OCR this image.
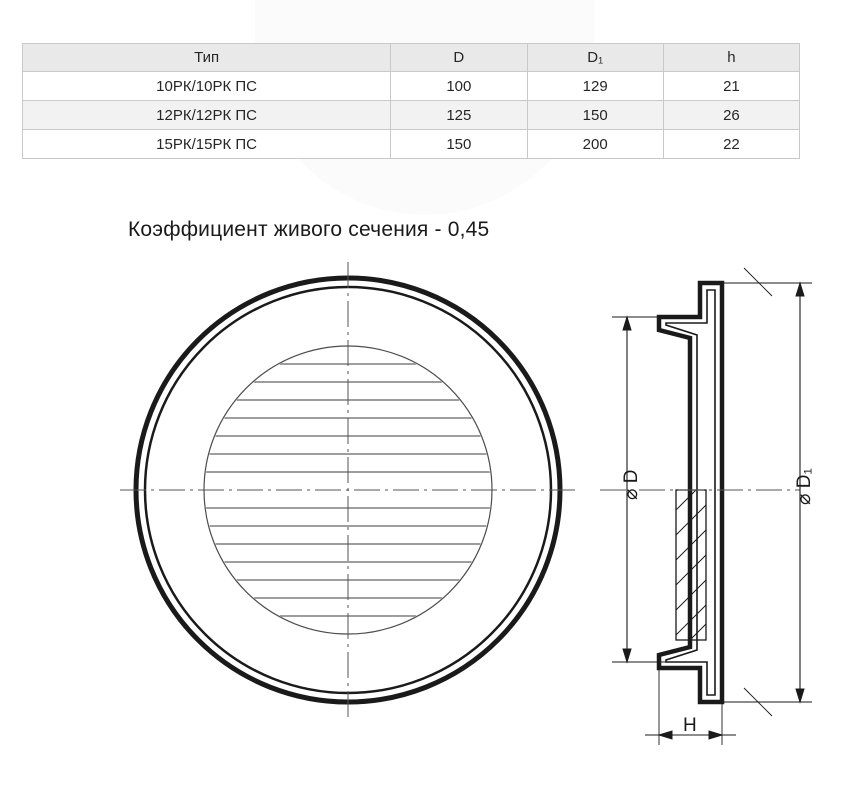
Тип	D	D₁	h
10РК/10РК ПС	100	129	21
12РК/12РК ПС	125	150	26
15РК/15РК ПС	150	200	22
Коэффициент живого сечения - 0,45
⌀ D	⌀ D₁
H
